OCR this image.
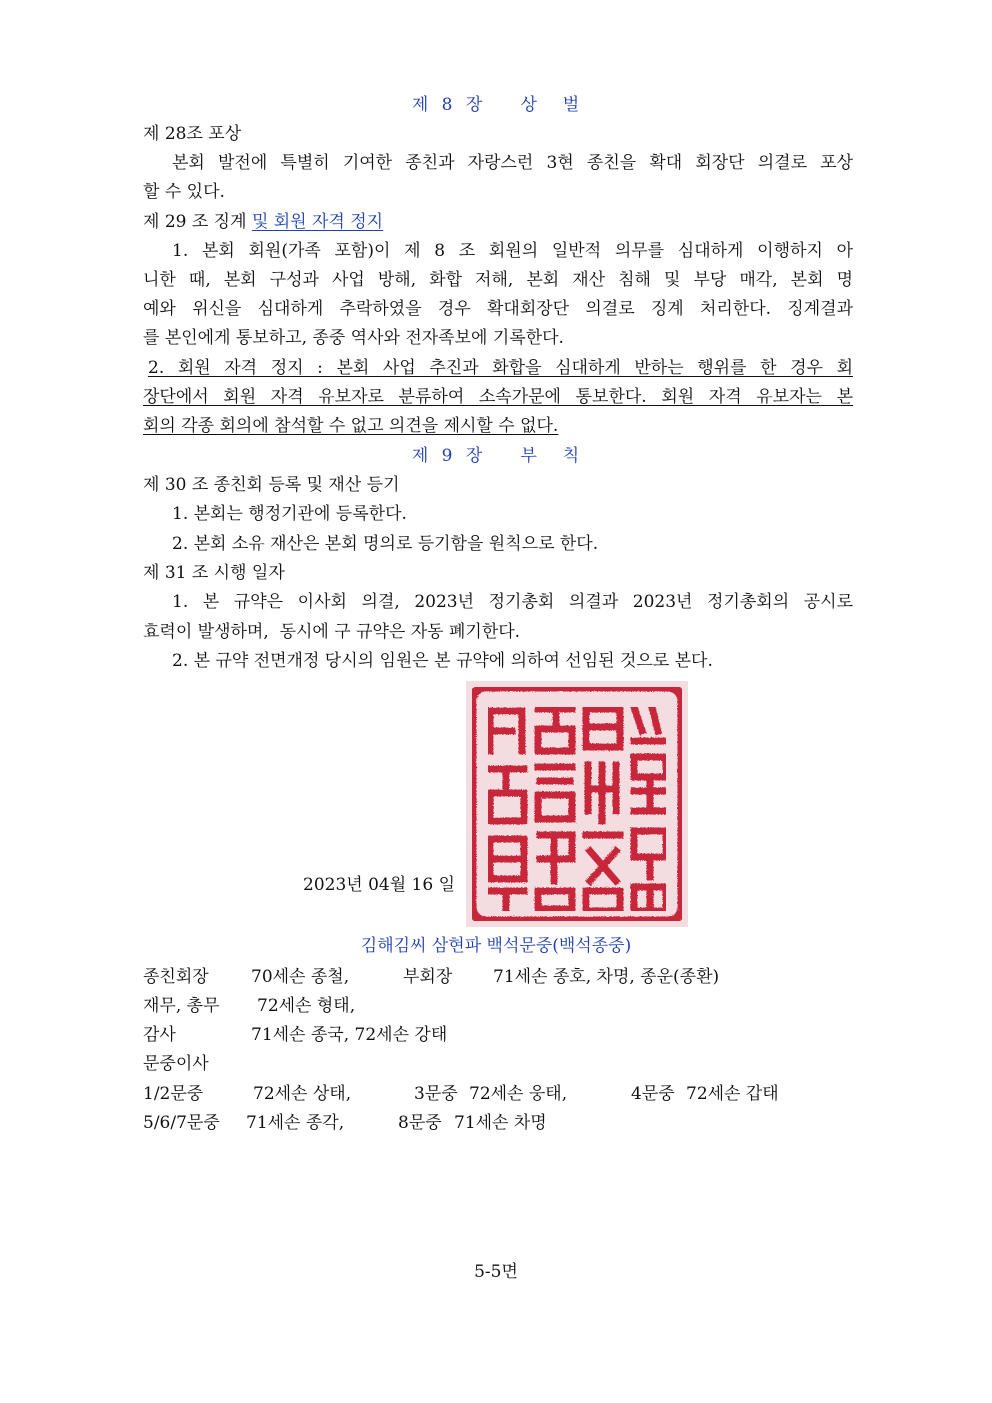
제 8 장   상  벌
제 28조 포상
본회 발전에 특별히 기여한 종친과 자랑스런 3현 종친을 확대 회장단 의결로 포상
할 수 있다.
제 29 조 징계 및 회원 자격 정지
1. 본회 회원(가족 포함)이 제 8 조 회원의 일반적 의무를 심대하게 이행하지 아
니한 때, 본회 구성과 사업 방해, 화합 저해, 본회 재산 침해 및 부당 매각, 본회 명
예와 위신을 심대하게 추락하였을 경우 확대회장단 의결로 징계 처리한다. 징계결과
를 본인에게 통보하고, 종중 역사와 전자족보에 기록한다.
2. 회원 자격 정지 : 본회 사업 추진과 화합을 심대하게 반하는 행위를 한 경우 회
장단에서 회원 자격 유보자로 분류하여 소속가문에 통보한다. 회원 자격 유보자는 본
회의 각종 회의에 참석할 수 없고 의견을 제시할 수 없다.
제 9 장   부  칙
제 30 조 종친회 등록 및 재산 등기
1. 본회는 행정기관에 등록한다.
2. 본회 소유 재산은 본회 명의로 등기함을 원칙으로 한다.
제 31 조 시행 일자
1. 본 규약은 이사회 의결, 2023년 정기총회 의결과 2023년 정기총회의 공시로
효력이 발생하며,  동시에 구 규약은 자동 폐기한다.
2. 본 규약 전면개정 당시의 임원은 본 규약에 의하여 선임된 것으로 본다.
2023년 04월 16 일
김해김씨 삼현파 백석문중(백석종중)
종친회장 70세손 종철,	부회장 71세손 종호, 차명, 종운(종환)
재무, 총무 72세손 형태,
감사	71세손 종국, 72세손 강태
문중이사
1/2문중	72세손 상태,	3문중 72세손 웅태,	4문중 72세손 갑태
5/6/7문중 71세손 종각,	8문중 71세손 차명
5-5면
